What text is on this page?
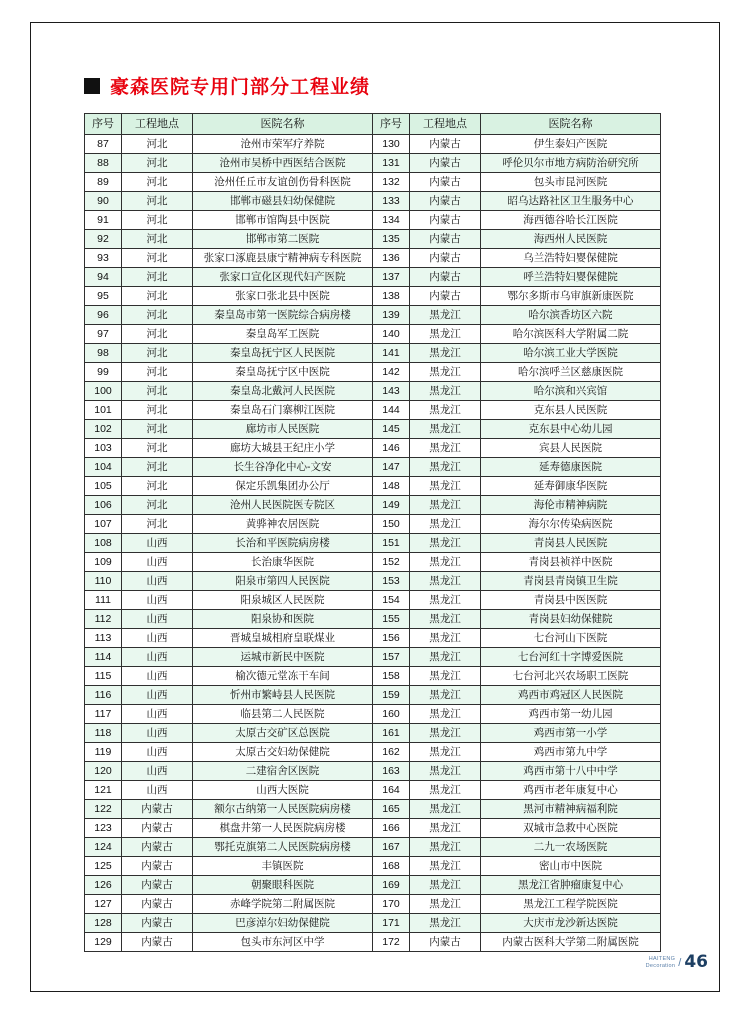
豪森医院专用门部分工程业绩
序号	工程地点	医院名称	序号	工程地点	医院名称
87	河北	沧州市荣军疗养院	130	内蒙古	伊生泰妇产医院
88	河北	沧州市吴桥中西医结合医院	131	内蒙古	呼伦贝尔市地方病防治研究所
89	河北	沧州任丘市友谊创伤骨科医院	132	内蒙古	包头市昆河医院
90	河北	邯郸市磁县妇幼保健院	133	内蒙古	昭乌达路社区卫生服务中心
91	河北	邯郸市馆陶县中医院	134	内蒙古	海西德谷哈长江医院
92	河北	邯郸市第二医院	135	内蒙古	海西州人民医院
93	河北	张家口涿鹿县康宁精神病专科医院	136	内蒙古	乌兰浩特妇婴保健院
94	河北	张家口宣化区现代妇产医院	137	内蒙古	呼兰浩特妇婴保健院
95	河北	张家口张北县中医院	138	内蒙古	鄂尔多斯市乌审旗新康医院
96	河北	秦皇岛市第一医院综合病房楼	139	黑龙江	哈尔滨香坊区六院
97	河北	秦皇岛军工医院	140	黑龙江	哈尔滨医科大学附属二院
98	河北	秦皇岛抚宁区人民医院	141	黑龙江	哈尔滨工业大学医院
99	河北	秦皇岛抚宁区中医院	142	黑龙江	哈尔滨呼兰区慈康医院
100	河北	秦皇岛北戴河人民医院	143	黑龙江	哈尔滨和兴宾馆
101	河北	秦皇岛石门寨柳江医院	144	黑龙江	克东县人民医院
102	河北	廊坊市人民医院	145	黑龙江	克东县中心幼儿园
103	河北	廊坊大城县王纪庄小学	146	黑龙江	宾县人民医院
104	河北	长生谷净化中心-文安	147	黑龙江	延寿德康医院
105	河北	保定乐凯集团办公厅	148	黑龙江	延寿御康华医院
106	河北	沧州人民医院医专院区	149	黑龙江	海伦市精神病院
107	河北	黄骅神农居医院	150	黑龙江	海尔尔传染病医院
108	山西	长治和平医院病房楼	151	黑龙江	青岗县人民医院
109	山西	长治康华医院	152	黑龙江	青岗县祯祥中医院
110	山西	阳泉市第四人民医院	153	黑龙江	青岗县青岗镇卫生院
111	山西	阳泉城区人民医院	154	黑龙江	青岗县中医医院
112	山西	阳泉协和医院	155	黑龙江	青岗县妇幼保健院
113	山西	晋城皇城相府皇联煤业	156	黑龙江	七台河山下医院
114	山西	运城市新民中医院	157	黑龙江	七台河红十字博爱医院
115	山西	榆次德元堂冻干车间	158	黑龙江	七台河北兴农场职工医院
116	山西	忻州市繁峙县人民医院	159	黑龙江	鸡西市鸡冠区人民医院
117	山西	临县第二人民医院	160	黑龙江	鸡西市第一幼儿园
118	山西	太原古交矿区总医院	161	黑龙江	鸡西市第一小学
119	山西	太原古交妇幼保健院	162	黑龙江	鸡西市第九中学
120	山西	二建宿舍区医院	163	黑龙江	鸡西市第十八中中学
121	山西	山西大医院	164	黑龙江	鸡西市老年康复中心
122	内蒙古	额尔古纳第一人民医院病房楼	165	黑龙江	黑河市精神病福利院
123	内蒙古	棋盘井第一人民医院病房楼	166	黑龙江	双城市急救中心医院
124	内蒙古	鄂托克旗第二人民医院病房楼	167	黑龙江	二九一农场医院
125	内蒙古	丰镇医院	168	黑龙江	密山市中医院
126	内蒙古	朝聚眼科医院	169	黑龙江	黑龙江省肿瘤康复中心
127	内蒙古	赤峰学院第二附属医院	170	黑龙江	黑龙江工程学院医院
128	内蒙古	巴彦淖尔妇幼保健院	171	黑龙江	大庆市龙沙新达医院
129	内蒙古	包头市东河区中学	172	内蒙古	内蒙古医科大学第二附属医院
HAITENG
Decoration / 46
